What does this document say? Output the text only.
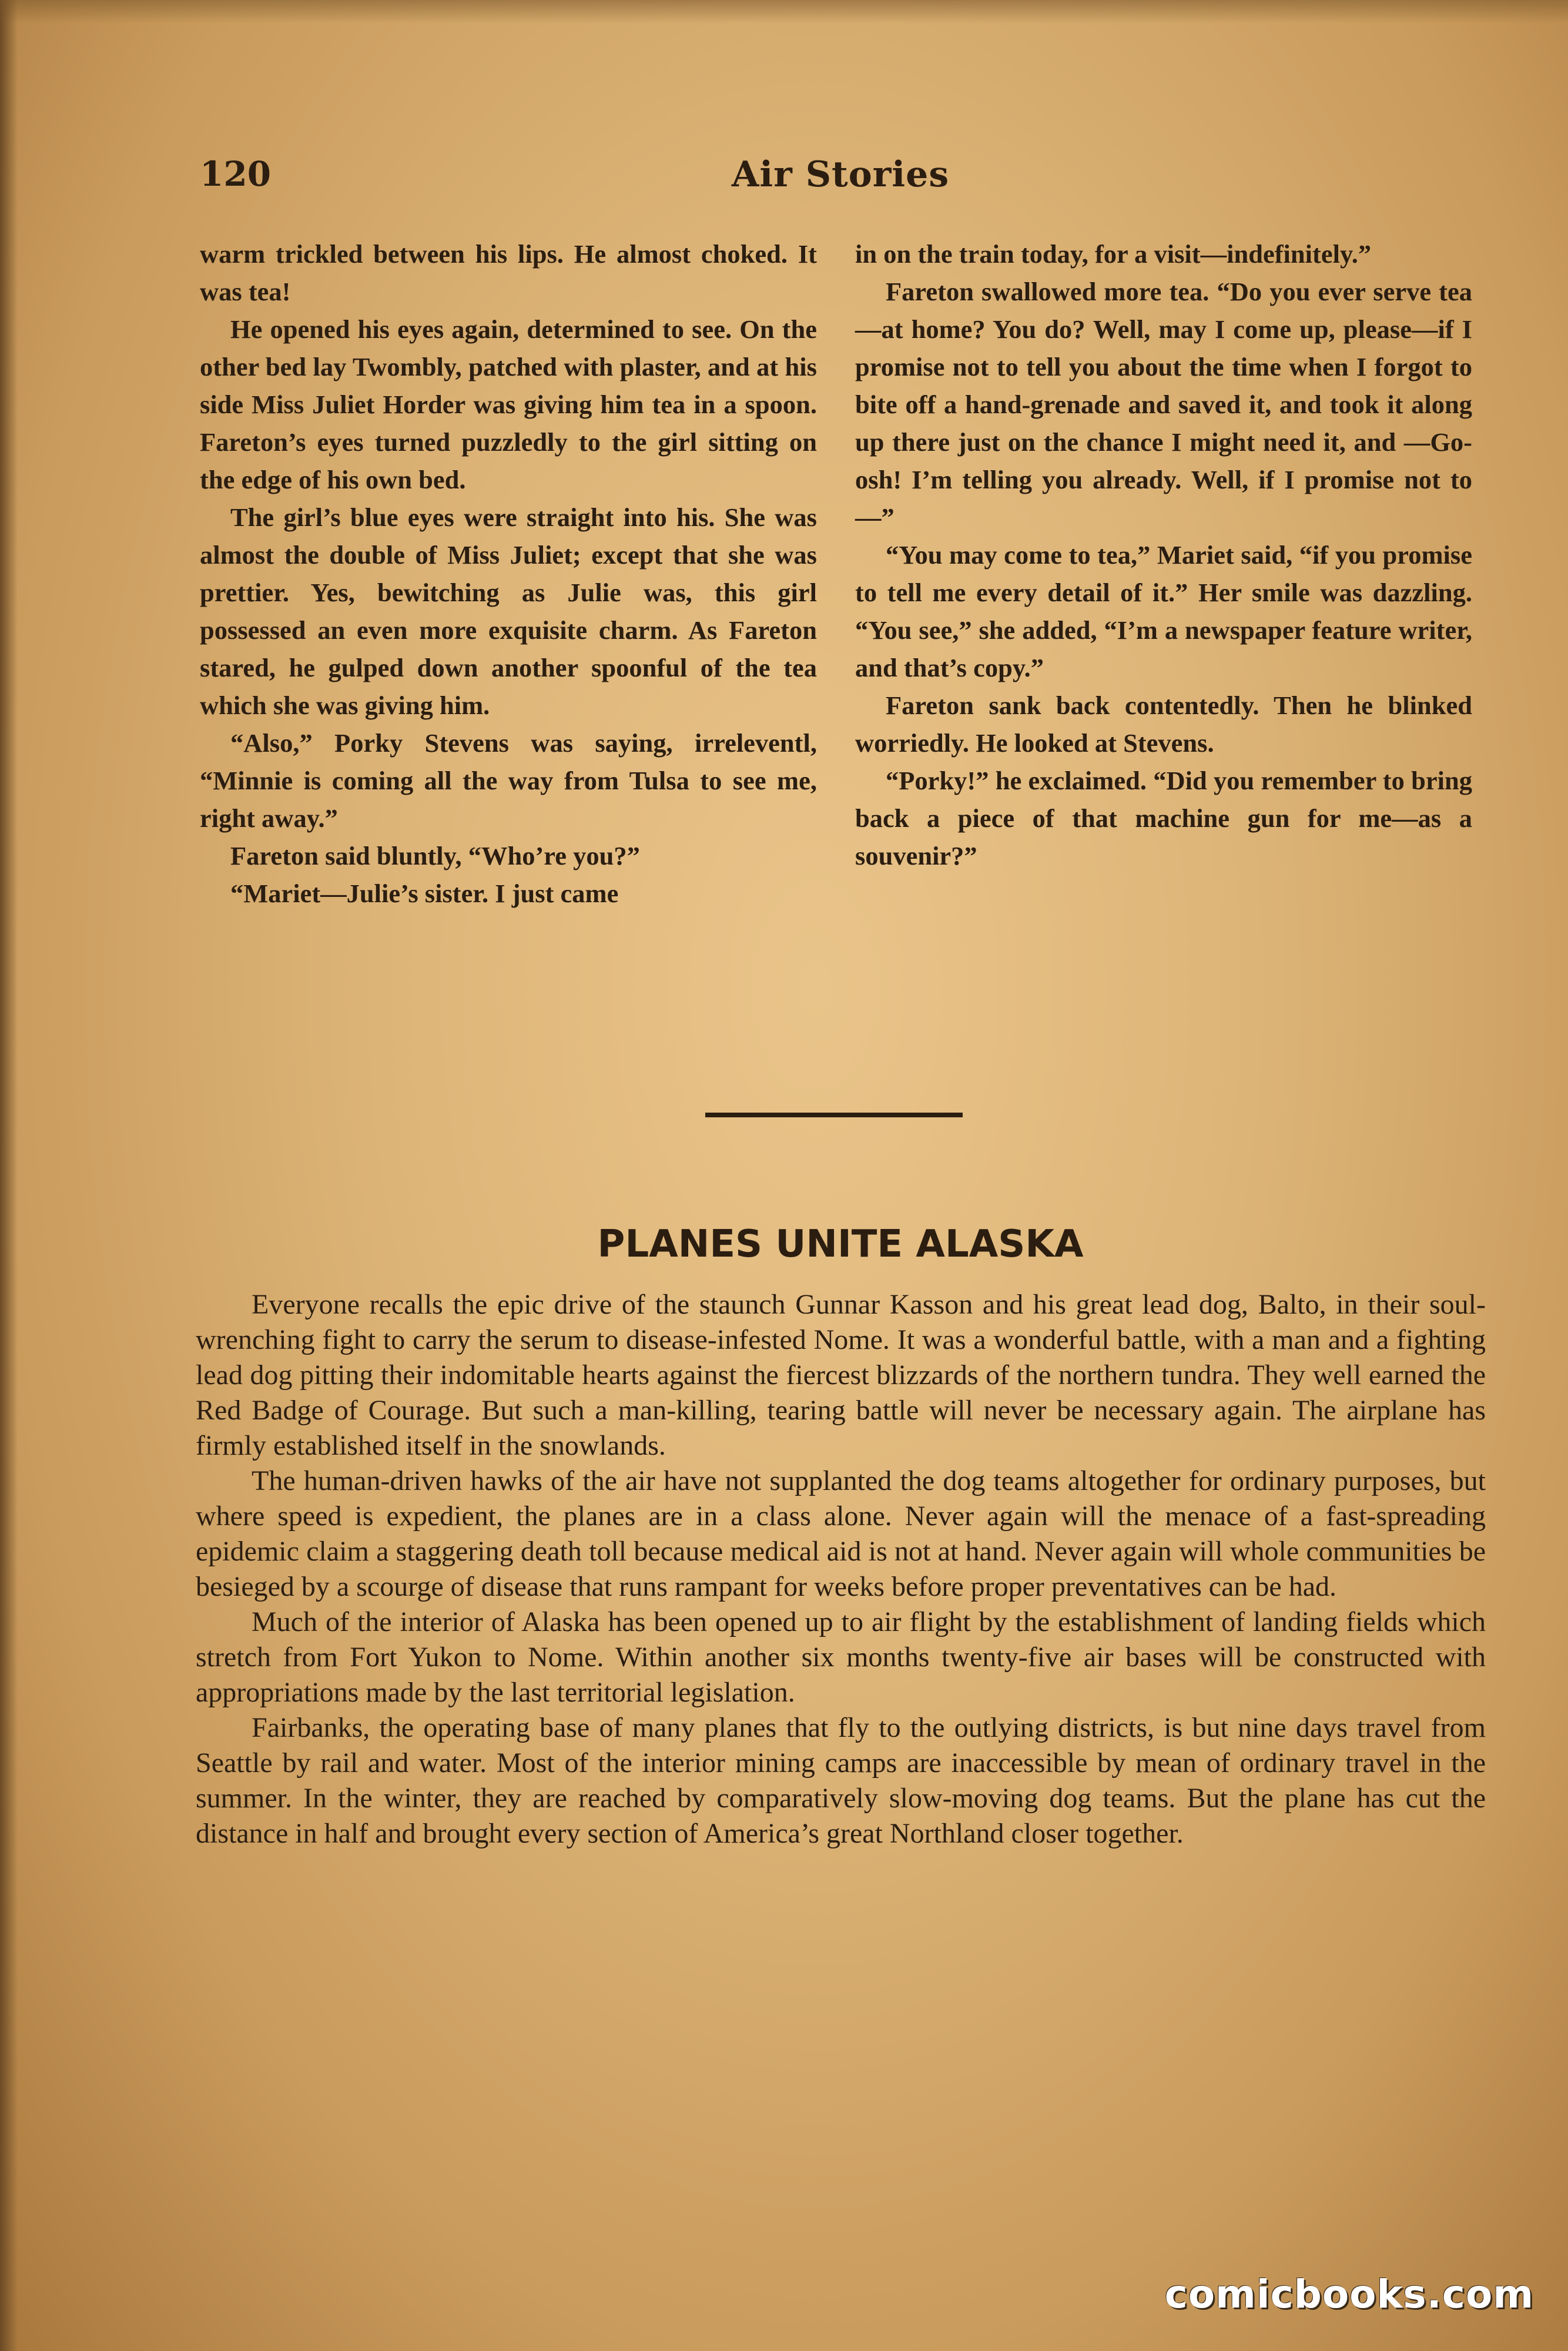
120	Air Stories

warm trickled between his lips. He almost choked. It was tea!

He opened his eyes again, determined to see. On the other bed lay Twombly, patched with plaster, and at his side Miss Juliet Horder was giving him tea in a spoon. Fareton’s eyes turned puzzledly to the girl sitting on the edge of his own bed.

The girl’s blue eyes were straight into his. She was almost the double of Miss Juliet; except that she was prettier. Yes, bewitching as Julie was, this girl possessed an even more exquisite charm. As Fareton stared, he gulped down another spoonful of the tea which she was giving him.

“Also,” Porky Stevens was saying, irreleventl, “Minnie is coming all the way from Tulsa to see me, right away.”

Fareton said bluntly, “Who’re you?”

“Mariet—Julie’s sister. I just came

in on the train today, for a visit—indefinitely.”

Fareton swallowed more tea. “Do you ever serve tea—at home? You do? Well, may I come up, please—if I promise not to tell you about the time when I forgot to bite off a hand-grenade and saved it, and took it along up there just on the chance I might need it, and —Go-osh! I’m telling you already. Well, if I promise not to—”

“You may come to tea,” Mariet said, “if you promise to tell me every detail of it.” Her smile was dazzling. “You see,” she added, “I’m a newspaper feature writer, and that’s copy.”

Fareton sank back contentedly. Then he blinked worriedly. He looked at Stevens.

“Porky!” he exclaimed. “Did you remember to bring back a piece of that machine gun for me—as a souvenir?”

PLANES UNITE ALASKA

Everyone recalls the epic drive of the staunch Gunnar Kasson and his great lead dog, Balto, in their soul-wrenching fight to carry the serum to disease-infested Nome. It was a wonderful battle, with a man and a fighting lead dog pitting their indomitable hearts against the fiercest blizzards of the northern tundra. They well earned the Red Badge of Courage. But such a man-killing, tearing battle will never be necessary again. The airplane has firmly established itself in the snowlands.

The human-driven hawks of the air have not supplanted the dog teams altogether for ordinary purposes, but where speed is expedient, the planes are in a class alone. Never again will the menace of a fast-spreading epidemic claim a staggering death toll because medical aid is not at hand. Never again will whole communities be besieged by a scourge of disease that runs rampant for weeks before proper preventatives can be had.

Much of the interior of Alaska has been opened up to air flight by the establishment of landing fields which stretch from Fort Yukon to Nome. Within another six months twenty-five air bases will be constructed with appropriations made by the last territorial legislation.

Fairbanks, the operating base of many planes that fly to the outlying districts, is but nine days travel from Seattle by rail and water. Most of the interior mining camps are inaccessible by mean of ordinary travel in the summer. In the winter, they are reached by comparatively slow-moving dog teams. But the plane has cut the distance in half and brought every section of America’s great Northland closer together.

comicbooks.com
